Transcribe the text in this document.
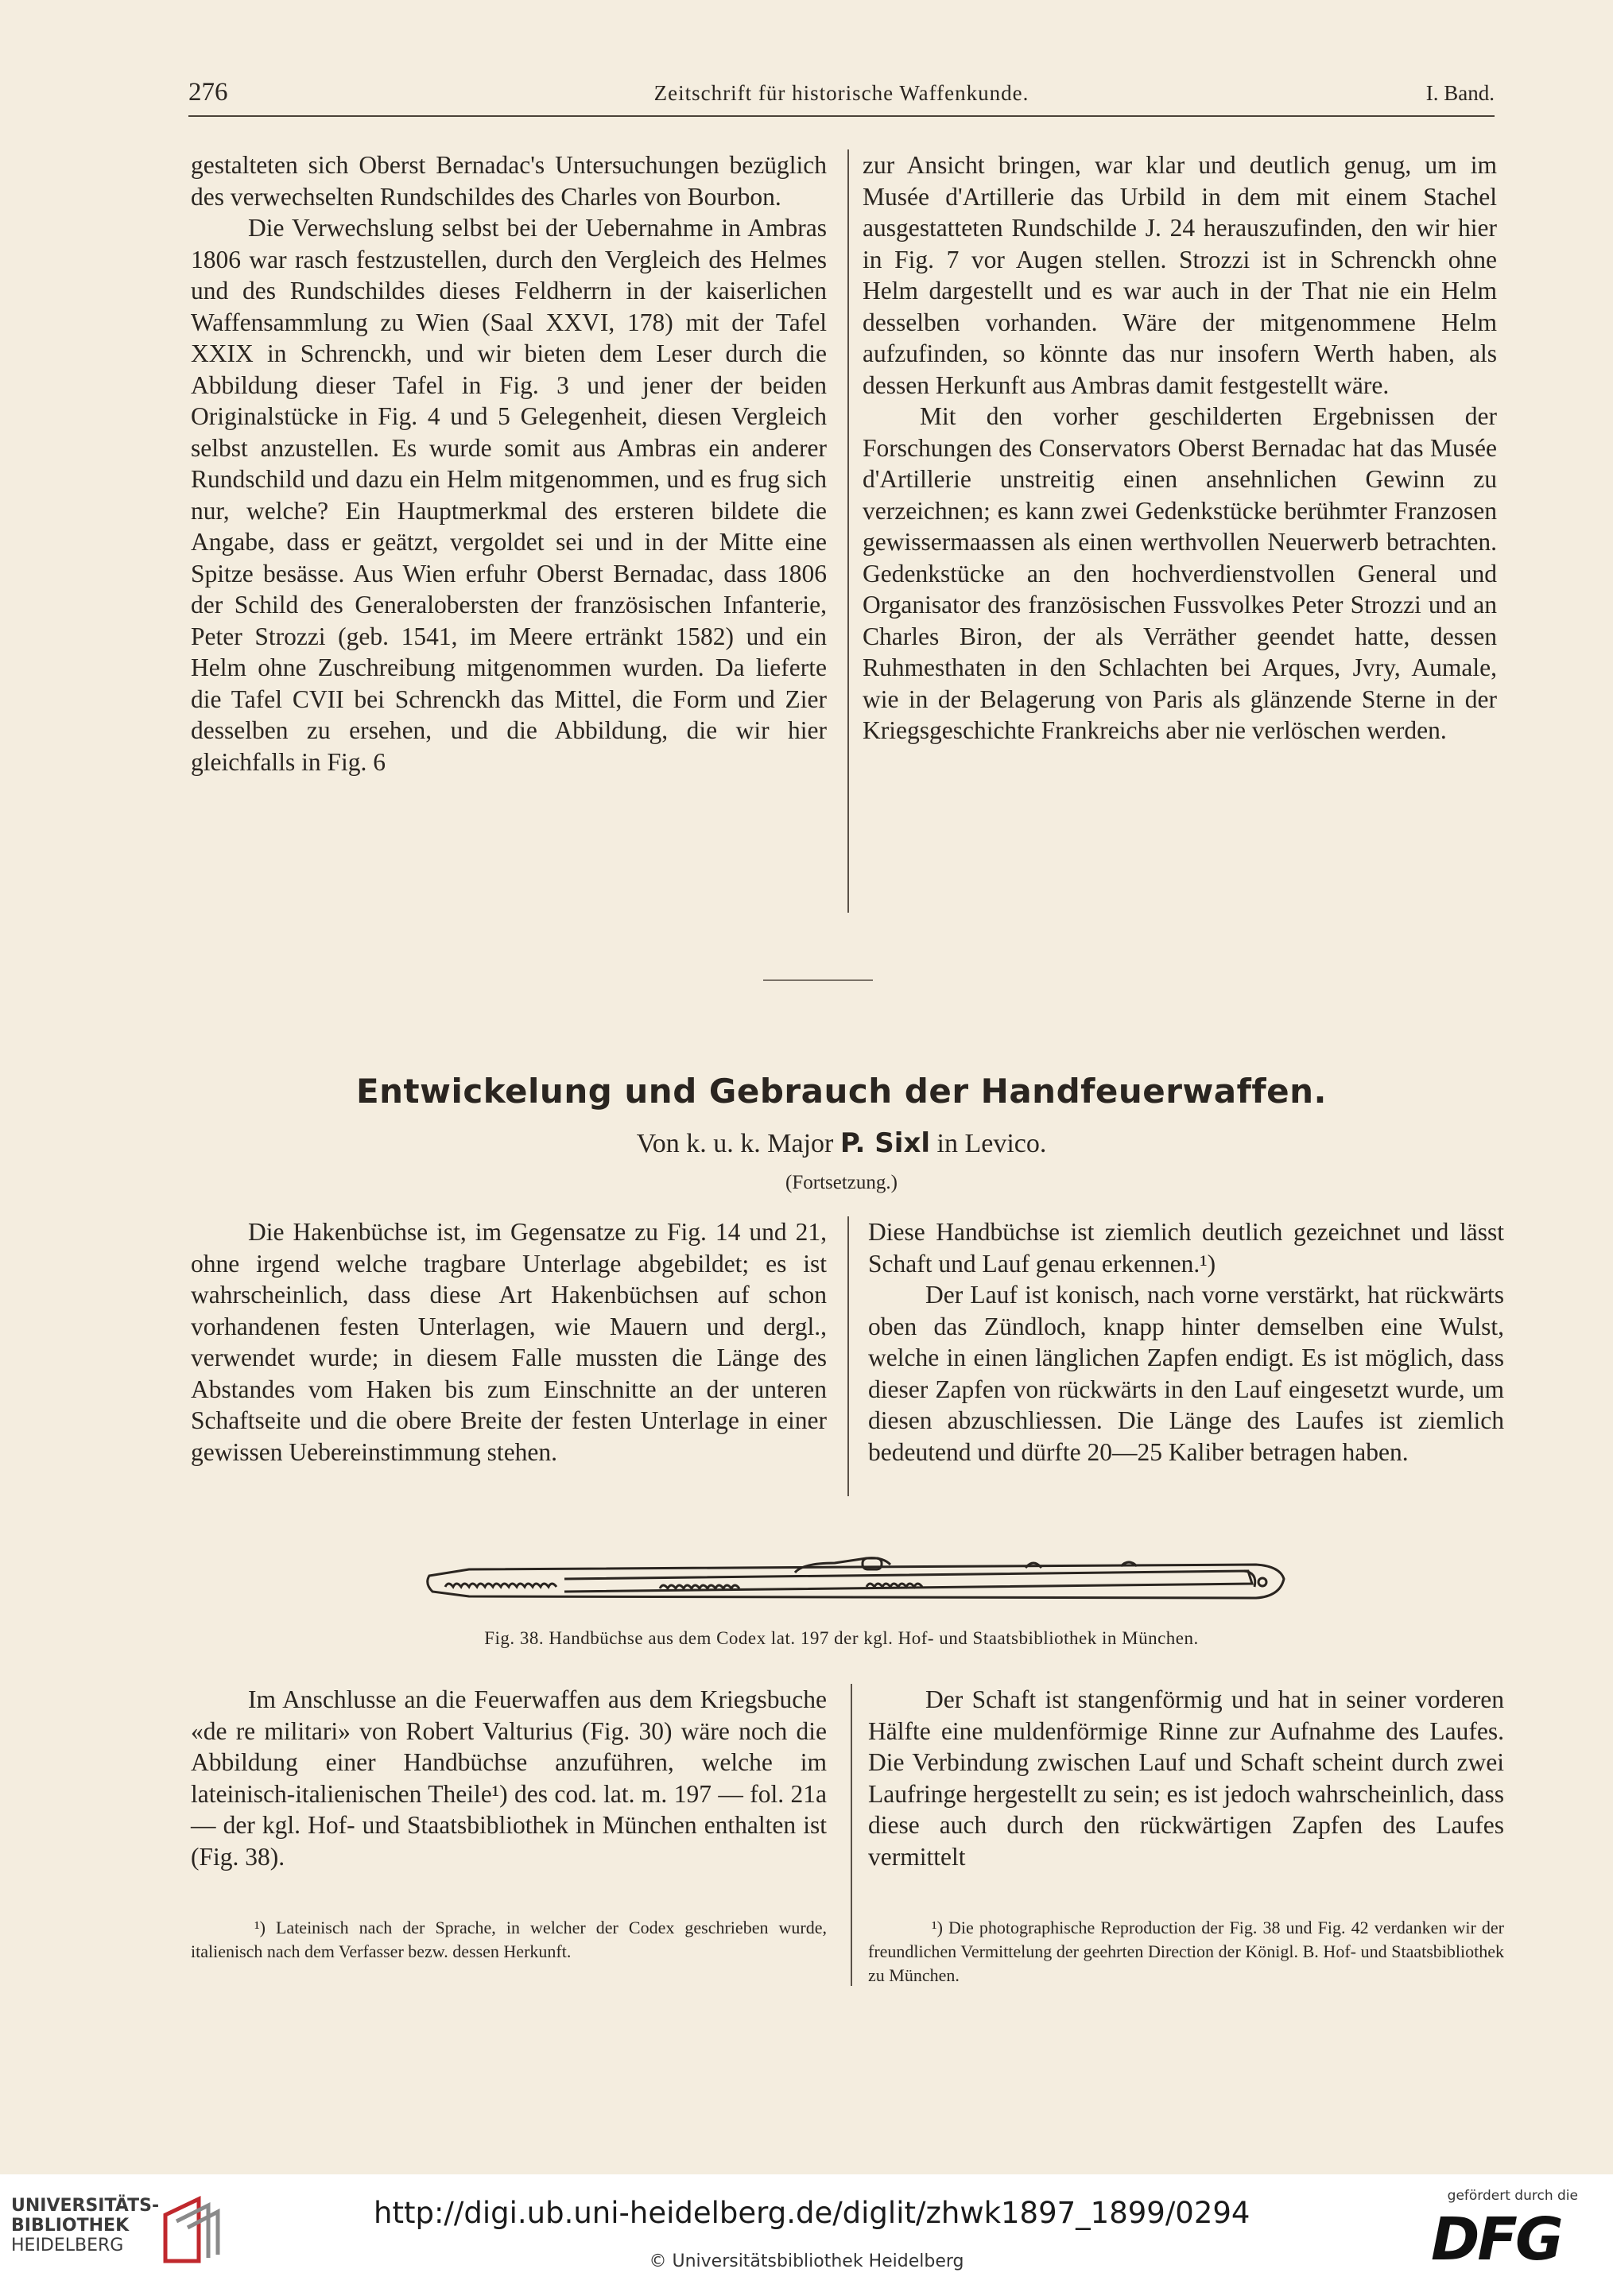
276	Zeitschrift für historische Waffenkunde.	I. Band.

gestalteten sich Oberst Bernadac's Untersuchungen bezüglich des verwechselten Rundschildes des Charles von Bourbon.

Die Verwechslung selbst bei der Uebernahme in Ambras 1806 war rasch festzustellen, durch den Vergleich des Helmes und des Rundschildes dieses Feldherrn in der kaiserlichen Waffensammlung zu Wien (Saal XXVI, 178) mit der Tafel XXIX in Schrenckh, und wir bieten dem Leser durch die Abbildung dieser Tafel in Fig. 3 und jener der beiden Originalstücke in Fig. 4 und 5 Gelegenheit, diesen Vergleich selbst anzustellen. Es wurde somit aus Ambras ein anderer Rundschild und dazu ein Helm mitgenommen, und es frug sich nur, welche? Ein Hauptmerkmal des ersteren bildete die Angabe, dass er geätzt, vergoldet sei und in der Mitte eine Spitze besässe. Aus Wien erfuhr Oberst Bernadac, dass 1806 der Schild des Generalobersten der französischen Infanterie, Peter Strozzi (geb. 1541, im Meere ertränkt 1582) und ein Helm ohne Zuschreibung mitgenommen wurden. Da lieferte die Tafel CVII bei Schrenckh das Mittel, die Form und Zier desselben zu ersehen, und die Abbildung, die wir hier gleichfalls in Fig. 6

zur Ansicht bringen, war klar und deutlich genug, um im Musée d'Artillerie das Urbild in dem mit einem Stachel ausgestatteten Rundschilde J. 24 herauszufinden, den wir hier in Fig. 7 vor Augen stellen. Strozzi ist in Schrenckh ohne Helm dargestellt und es war auch in der That nie ein Helm desselben vorhanden. Wäre der mitgenommene Helm aufzufinden, so könnte das nur insofern Werth haben, als dessen Herkunft aus Ambras damit festgestellt wäre.

Mit den vorher geschilderten Ergebnissen der Forschungen des Conservators Oberst Bernadac hat das Musée d'Artillerie unstreitig einen ansehnlichen Gewinn zu verzeichnen; es kann zwei Gedenkstücke berühmter Franzosen gewissermaassen als einen werthvollen Neuerwerb betrachten. Gedenkstücke an den hochverdienstvollen General und Organisator des französischen Fussvolkes Peter Strozzi und an Charles Biron, der als Verräther geendet hatte, dessen Ruhmesthaten in den Schlachten bei Arques, Jvry, Aumale, wie in der Belagerung von Paris als glänzende Sterne in der Kriegsgeschichte Frankreichs aber nie verlöschen werden.

Entwickelung und Gebrauch der Handfeuerwaffen.
Von k. u. k. Major P. Sixl in Levico.
(Fortsetzung.)

Die Hakenbüchse ist, im Gegensatze zu Fig. 14 und 21, ohne irgend welche tragbare Unterlage abgebildet; es ist wahrscheinlich, dass diese Art Hakenbüchsen auf schon vorhandenen festen Unterlagen, wie Mauern und dergl., verwendet wurde; in diesem Falle mussten die Länge des Abstandes vom Haken bis zum Einschnitte an der unteren Schaftseite und die obere Breite der festen Unterlage in einer gewissen Uebereinstimmung stehen.

Diese Handbüchse ist ziemlich deutlich gezeichnet und lässt Schaft und Lauf genau erkennen.¹)

Der Lauf ist konisch, nach vorne verstärkt, hat rückwärts oben das Zündloch, knapp hinter demselben eine Wulst, welche in einen länglichen Zapfen endigt. Es ist möglich, dass dieser Zapfen von rückwärts in den Lauf eingesetzt wurde, um diesen abzuschliessen. Die Länge des Laufes ist ziemlich bedeutend und dürfte 20—25 Kaliber betragen haben.

Fig. 38. Handbüchse aus dem Codex lat. 197 der kgl. Hof- und Staatsbibliothek in München.

Im Anschlusse an die Feuerwaffen aus dem Kriegsbuche «de re militari» von Robert Valturius (Fig. 30) wäre noch die Abbildung einer Handbüchse anzuführen, welche im lateinisch-italienischen Theile¹) des cod. lat. m. 197 — fol. 21a — der kgl. Hof- und Staatsbibliothek in München enthalten ist (Fig. 38).

Der Schaft ist stangenförmig und hat in seiner vorderen Hälfte eine muldenförmige Rinne zur Aufnahme des Laufes. Die Verbindung zwischen Lauf und Schaft scheint durch zwei Laufringe hergestellt zu sein; es ist jedoch wahrscheinlich, dass diese auch durch den rückwärtigen Zapfen des Laufes vermittelt

¹) Lateinisch nach der Sprache, in welcher der Codex geschrieben wurde, italienisch nach dem Verfasser bezw. dessen Herkunft.

¹) Die photographische Reproduction der Fig. 38 und Fig. 42 verdanken wir der freundlichen Vermittelung der geehrten Direction der Königl. B. Hof- und Staatsbibliothek zu München.

UNIVERSITÄTS-
BIBLIOTHEK
HEIDELBERG
http://digi.ub.uni-heidelberg.de/diglit/zhwk1897_1899/0294
© Universitätsbibliothek Heidelberg
gefördert durch die
DFG
